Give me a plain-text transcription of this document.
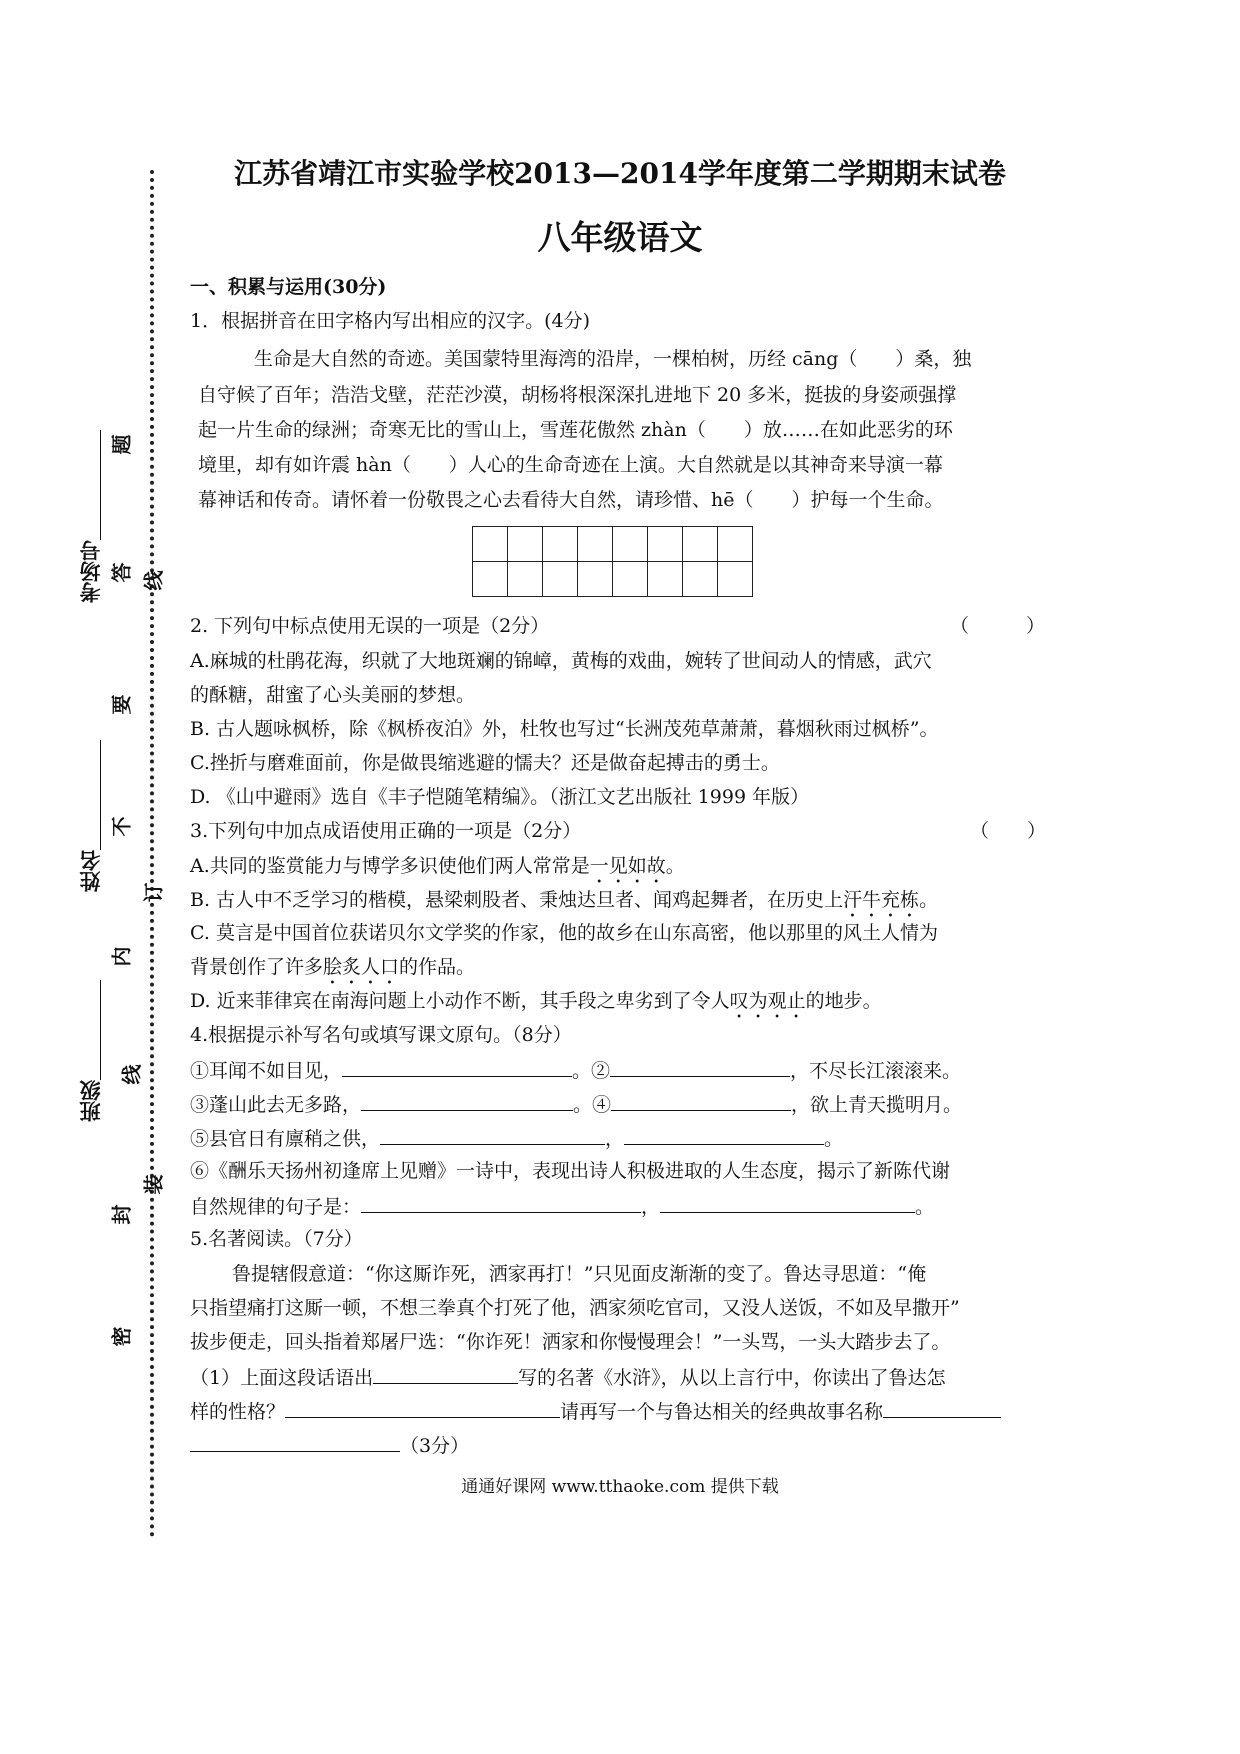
考场号
姓名
班级
题
答
要
不
内
线
订
线
装
封
密
江苏省靖江市实验学校2013—2014学年度第二学期期末试卷
八年级语文
一、积累与运用(30分)
1．根据拼音在田字格内写出相应的汉字。(4分)
生命是大自然的奇迹。美国蒙特里海湾的沿岸，一棵柏树，历经 cāng（　　）桑，独
自守候了百年；浩浩戈壁，茫茫沙漠，胡杨将根深深扎进地下 20 多米，挺拔的身姿顽强撑
起一片生命的绿洲；奇寒无比的雪山上，雪莲花傲然 zhàn（　　）放……在如此恶劣的环
境里，却有如许震 hàn（　　）人心的生命奇迹在上演。大自然就是以其神奇来导演一幕
幕神话和传奇。请怀着一份敬畏之心去看待大自然，请珍惜、hē（　　）护每一个生命。

2. 下列句中标点使用无误的一项是（2分）	（　　　）
A.麻城的杜鹃花海，织就了大地斑斓的锦嶂，黄梅的戏曲，婉转了世间动人的情感，武穴
的酥糖，甜蜜了心头美丽的梦想。
B. 古人题咏枫桥，除《枫桥夜泊》外，杜牧也写过“长洲茂苑草萧萧，暮烟秋雨过枫桥”。
C.挫折与磨难面前，你是做畏缩逃避的懦夫？还是做奋起搏击的勇士。
D. 《山中避雨》选自《丰子恺随笔精编》。（浙江文艺出版社 1999 年版）
3.下列句中加点成语使用正确的一项是（2分）	（　　）
A.共同的鉴赏能力与博学多识使他们两人常常是一见如故。
B. 古人中不乏学习的楷模，悬梁刺股者、秉烛达旦者、闻鸡起舞者，在历史上汗牛充栋。
C. 莫言是中国首位获诺贝尔文学奖的作家，他的故乡在山东高密，他以那里的风土人情为
背景创作了许多脍炙人口的作品。
D. 近来菲律宾在南海问题上小动作不断，其手段之卑劣到了令人叹为观止的地步。
4.根据提示补写名句或填写课文原句。（8分）
①耳闻不如目见，	。②	，不尽长江滚滚来。
③蓬山此去无多路，	。④	，欲上青天揽明月。
⑤县官日有廪稍之供，	，	。
⑥《酬乐天扬州初逢席上见赠》一诗中，表现出诗人积极进取的人生态度，揭示了新陈代谢
自然规律的句子是：	，	。
5.名著阅读。（7分）
鲁提辖假意道：“你这厮诈死，洒家再打！”只见面皮渐渐的变了。鲁达寻思道：“俺
只指望痛打这厮一顿，不想三拳真个打死了他，洒家须吃官司，又没人送饭，不如及早撒开”
拔步便走，回头指着郑屠尸选：“你诈死！洒家和你慢慢理会！”一头骂，一头大踏步去了。
（1）上面这段话语出	写的名著《水浒》，从以上言行中，你读出了鲁达怎
样的性格？	请再写一个与鲁达相关的经典故事名称
（3分）
通通好课网 www.tthaoke.com 提供下载
